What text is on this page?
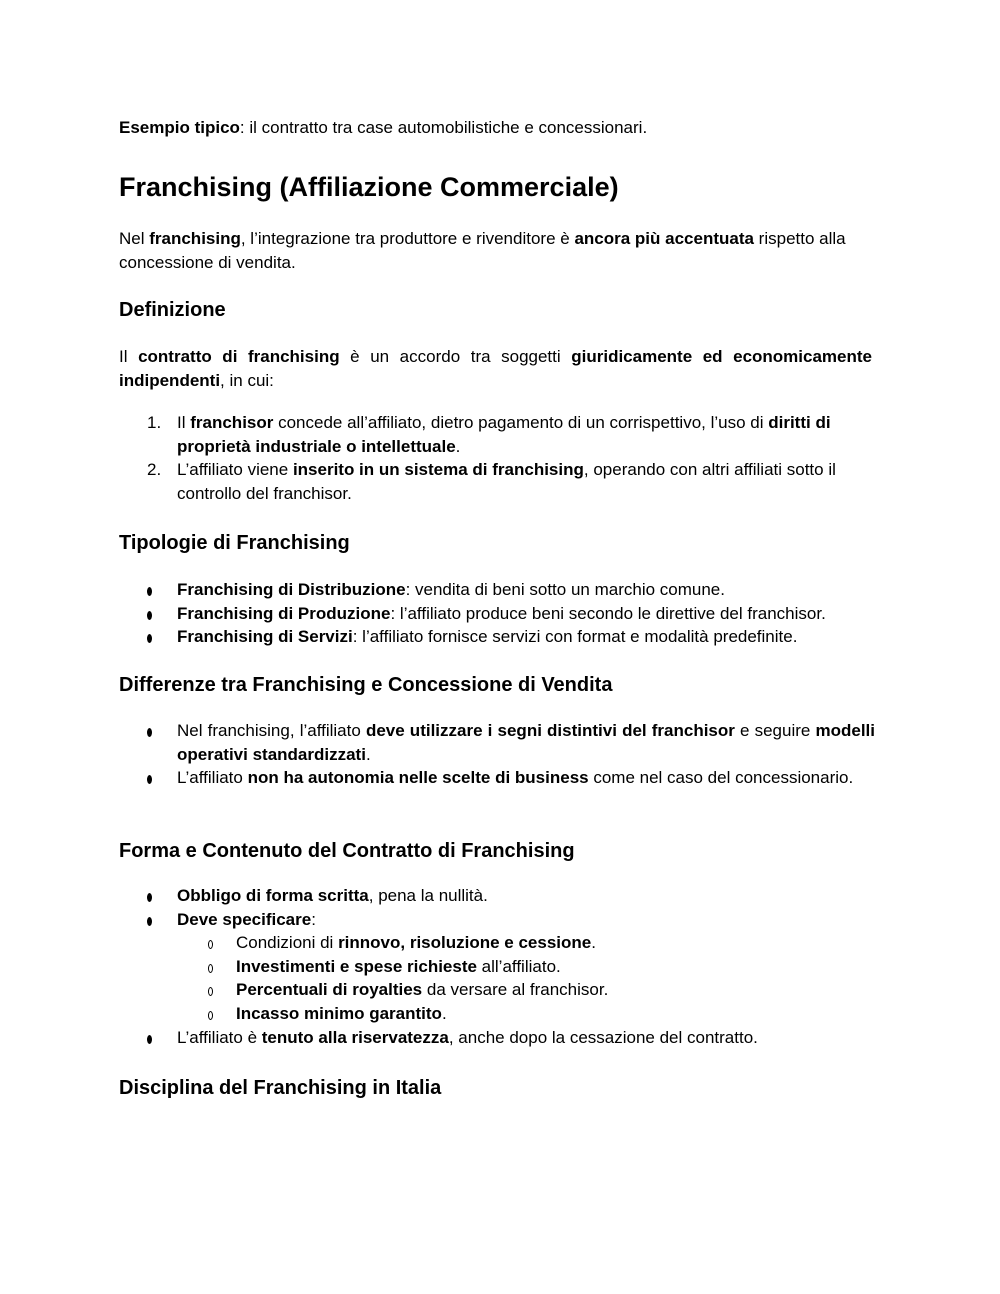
Esempio tipico: il contratto tra case automobilistiche e concessionari.

Franchising (Affiliazione Commerciale)

Nel franchising, l’integrazione tra produttore e rivenditore è ancora più accentuata rispetto alla concessione di vendita.

Definizione

Il contratto di franchising è un accordo tra soggetti giuridicamente ed economicamente indipendenti, in cui:

1. Il franchisor concede all’affiliato, dietro pagamento di un corrispettivo, l’uso di diritti di proprietà industriale o intellettuale.
2. L’affiliato viene inserito in un sistema di franchising, operando con altri affiliati sotto il controllo del franchisor.
Tipologie di Franchising
Franchising di Distribuzione: vendita di beni sotto un marchio comune.
Franchising di Produzione: l’affiliato produce beni secondo le direttive del franchisor.
Franchising di Servizi: l’affiliato fornisce servizi con format e modalità predefinite.
Differenze tra Franchising e Concessione di Vendita
Nel franchising, l’affiliato deve utilizzare i segni distintivi del franchisor e seguire modelli operativi standardizzati.
L’affiliato non ha autonomia nelle scelte di business come nel caso del concessionario.
Forma e Contenuto del Contratto di Franchising
Obbligo di forma scritta, pena la nullità.
Deve specificare:
Condizioni di rinnovo, risoluzione e cessione.
Investimenti e spese richieste all’affiliato.
Percentuali di royalties da versare al franchisor.
Incasso minimo garantito.
L’affiliato è tenuto alla riservatezza, anche dopo la cessazione del contratto.
Disciplina del Franchising in Italia
